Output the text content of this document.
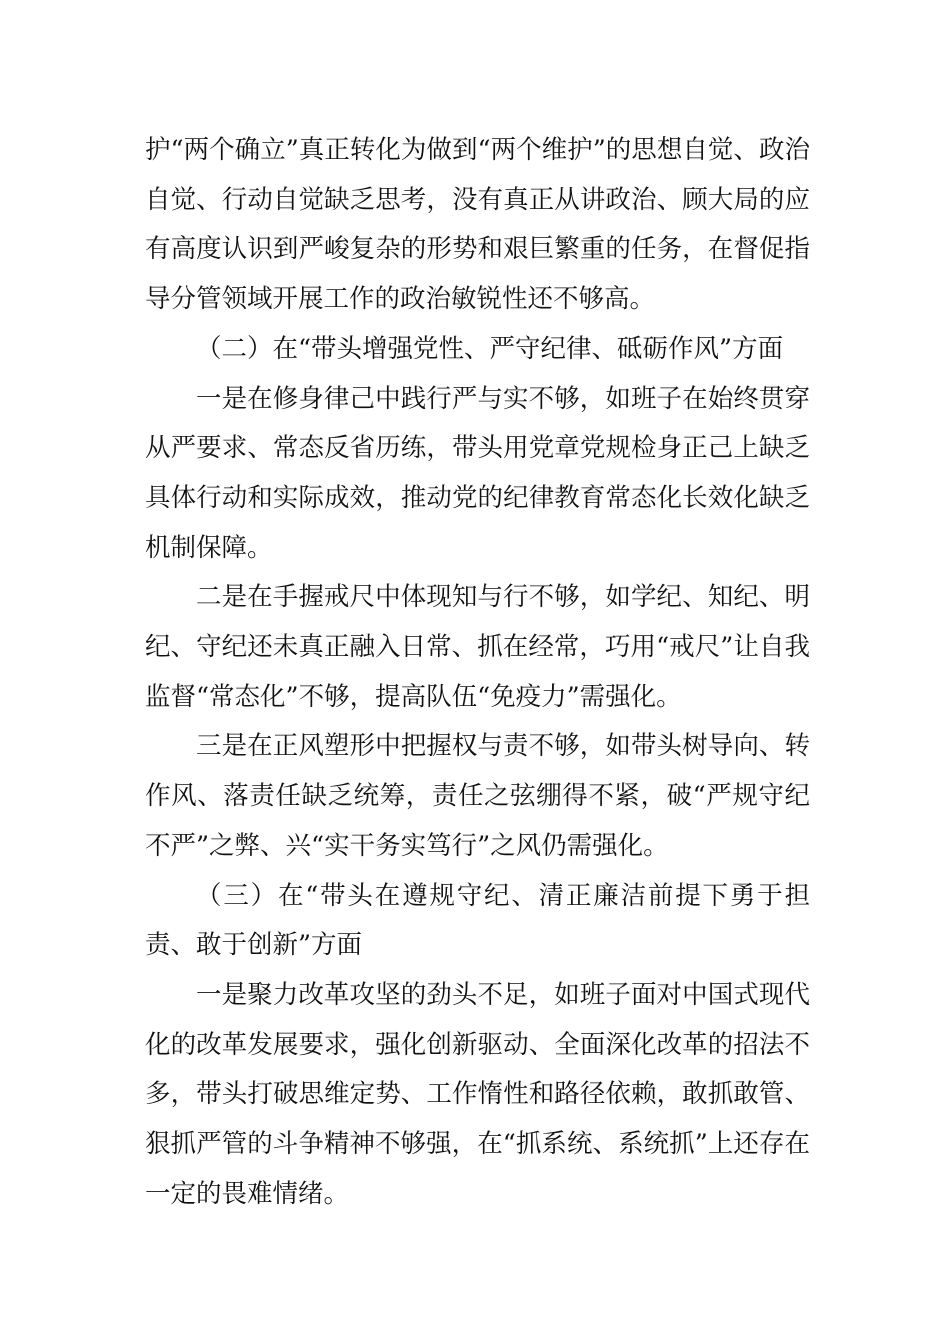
护“两个确立”真正转化为做到“两个维护”的思想自觉、政治自觉、行动自觉缺乏思考，没有真正从讲政治、顾大局的应有高度认识到严峻复杂的形势和艰巨繁重的任务，在督促指导分管领域开展工作的政治敏锐性还不够高。

（二）在“带头增强党性、严守纪律、砥砺作风”方面

一是在修身律己中践行严与实不够，如班子在始终贯穿从严要求、常态反省历练，带头用党章党规检身正己上缺乏具体行动和实际成效，推动党的纪律教育常态化长效化缺乏机制保障。

二是在手握戒尺中体现知与行不够，如学纪、知纪、明纪、守纪还未真正融入日常、抓在经常，巧用“戒尺”让自我监督“常态化”不够，提高队伍“免疫力”需强化。

三是在正风塑形中把握权与责不够，如带头树导向、转作风、落责任缺乏统筹，责任之弦绷得不紧，破“严规守纪不严”之弊、兴“实干务实笃行”之风仍需强化。

（三）在“带头在遵规守纪、清正廉洁前提下勇于担责、敢于创新”方面

一是聚力改革攻坚的劲头不足，如班子面对中国式现代化的改革发展要求，强化创新驱动、全面深化改革的招法不多，带头打破思维定势、工作惰性和路径依赖，敢抓敢管、狠抓严管的斗争精神不够强，在“抓系统、系统抓”上还存在一定的畏难情绪。
